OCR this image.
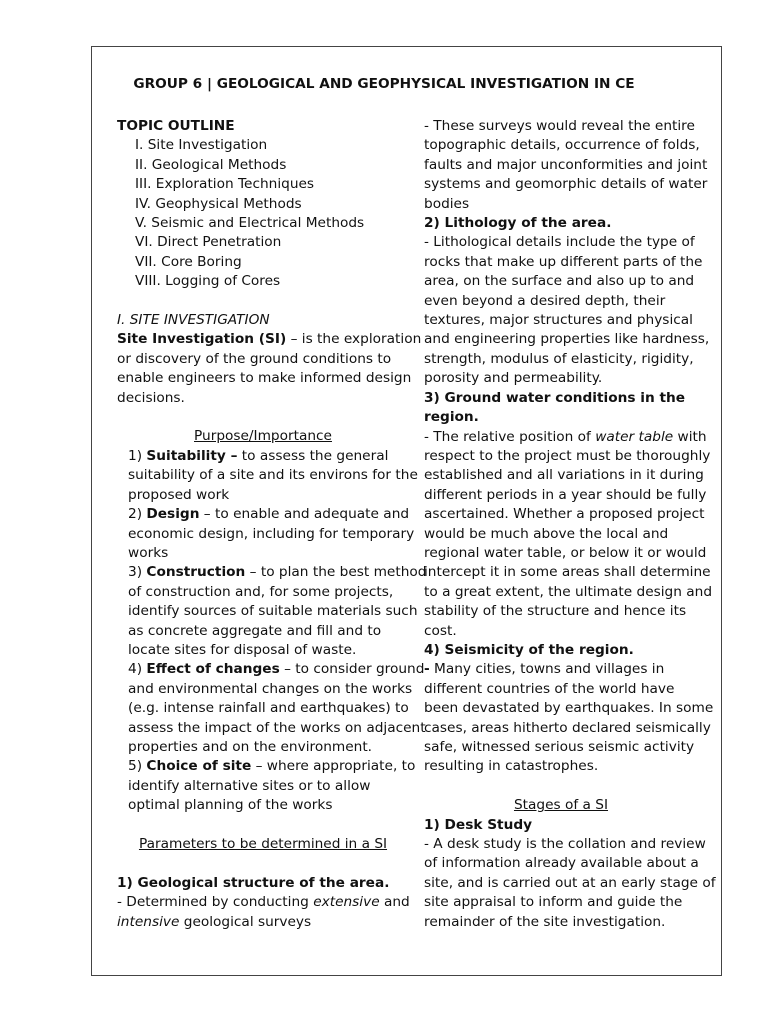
GROUP 6 | GEOLOGICAL AND GEOPHYSICAL INVESTIGATION IN CE
TOPIC OUTLINE
I. Site Investigation
II. Geological Methods
III. Exploration Techniques
IV. Geophysical Methods
V. Seismic and Electrical Methods
VI. Direct Penetration
VII. Core Boring
VIII. Logging of Cores
I. SITE INVESTIGATION
Site Investigation (SI) – is the exploration
or discovery of the ground conditions to
enable engineers to make informed design
decisions.
Purpose/Importance
1) Suitability – to assess the general
suitability of a site and its environs for the
proposed work
2) Design – to enable and adequate and
economic design, including for temporary
works
3) Construction – to plan the best method
of construction and, for some projects,
identify sources of suitable materials such
as concrete aggregate and fill and to
locate sites for disposal of waste.
4) Effect of changes – to consider ground
and environmental changes on the works
(e.g. intense rainfall and earthquakes) to
assess the impact of the works on adjacent
properties and on the environment.
5) Choice of site – where appropriate, to
identify alternative sites or to allow
optimal planning of the works
Parameters to be determined in a SI
1) Geological structure of the area.
- Determined by conducting extensive and
intensive geological surveys
- These surveys would reveal the entire
topographic details, occurrence of folds,
faults and major unconformities and joint
systems and geomorphic details of water
bodies
2) Lithology of the area.
- Lithological details include the type of
rocks that make up different parts of the
area, on the surface and also up to and
even beyond a desired depth, their
textures, major structures and physical
and engineering properties like hardness,
strength, modulus of elasticity, rigidity,
porosity and permeability.
3) Ground water conditions in the
region.
- The relative position of water table with
respect to the project must be thoroughly
established and all variations in it during
different periods in a year should be fully
ascertained. Whether a proposed project
would be much above the local and
regional water table, or below it or would
intercept it in some areas shall determine
to a great extent, the ultimate design and
stability of the structure and hence its
cost.
4) Seismicity of the region.
- Many cities, towns and villages in
different countries of the world have
been devastated by earthquakes. In some
cases, areas hitherto declared seismically
safe, witnessed serious seismic activity
resulting in catastrophes.
Stages of a SI
1) Desk Study
- A desk study is the collation and review
of information already available about a
site, and is carried out at an early stage of
site appraisal to inform and guide the
remainder of the site investigation.
